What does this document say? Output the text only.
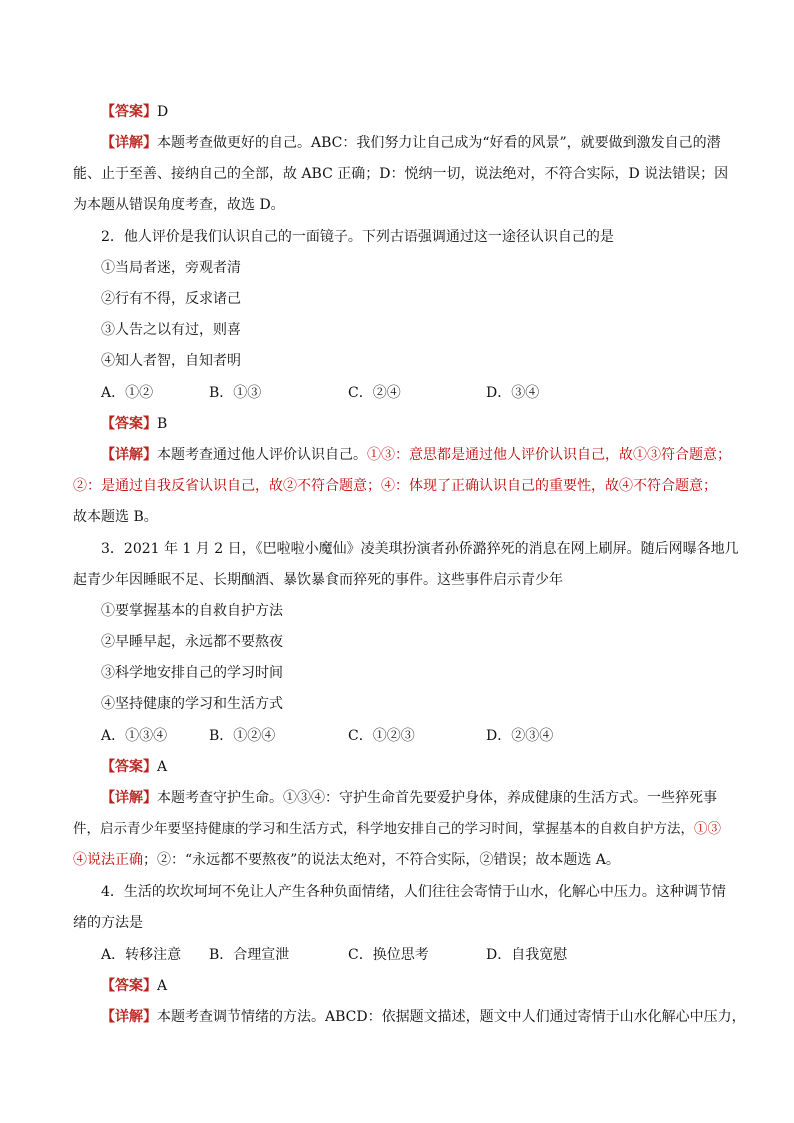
【答案】D
【详解】本题考查做更好的自己。ABC：我们努力让自己成为“好看的风景”，就要做到激发自己的潜
能、止于至善、接纳自己的全部，故 ABC 正确；D：悦纳一切，说法绝对，不符合实际，D 说法错误；因
为本题从错误角度考查，故选 D。
2．他人评价是我们认识自己的一面镜子。下列古语强调通过这一途径认识自己的是
①当局者迷，旁观者清
②行有不得，反求诸己
③人告之以有过，则喜
④知人者智，自知者明
A．①②	B．①③	C．②④	D．③④
【答案】B
【详解】本题考查通过他人评价认识自己。①③：意思都是通过他人评价认识自己，故①③符合题意；
②：是通过自我反省认识自己，故②不符合题意；④：体现了正确认识自己的重要性，故④不符合题意；
故本题选 B。
3．2021 年 1 月 2 日，《巴啦啦小魔仙》凌美琪扮演者孙侨潞猝死的消息在网上刷屏。随后网曝各地几
起青少年因睡眠不足、长期酗酒、暴饮暴食而猝死的事件。这些事件启示青少年
①要掌握基本的自救自护方法
②早睡早起，永远都不要熬夜
③科学地安排自己的学习时间
④坚持健康的学习和生活方式
A．①③④	B．①②④	C．①②③	D．②③④
【答案】A
【详解】本题考查守护生命。①③④：守护生命首先要爱护身体，养成健康的生活方式。一些猝死事
件，启示青少年要坚持健康的学习和生活方式，科学地安排自己的学习时间，掌握基本的自救自护方法，①③
④说法正确；②：“永远都不要熬夜”的说法太绝对，不符合实际，②错误；故本题选 A。
4．生活的坎坎坷坷不免让人产生各种负面情绪，人们往往会寄情于山水，化解心中压力。这种调节情
绪的方法是
A．转移注意 B．合理宣泄	C．换位思考	D．自我宽慰
【答案】A
【详解】本题考查调节情绪的方法。ABCD：依据题文描述，题文中人们通过寄情于山水化解心中压力，
